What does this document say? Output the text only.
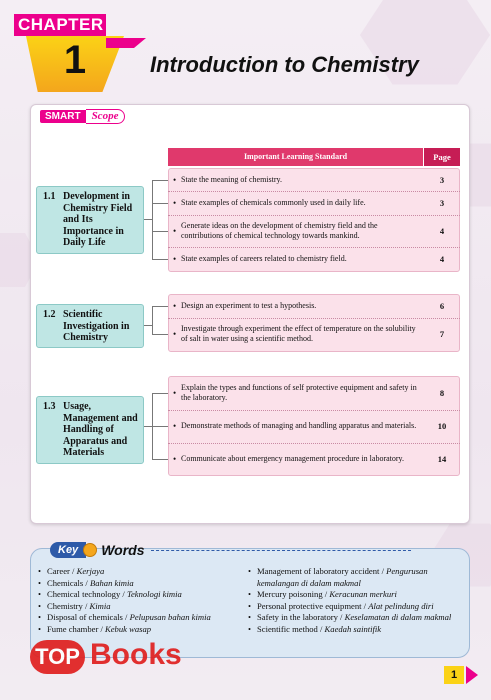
CHAPTER
1	Introduction to Chemistry
SMART	Scope
Important Learning Standard	Page
• State the meaning of chemistry.	3
• State examples of chemicals commonly used in daily life.	3
• Generate ideas on the development of chemistry field and the contributions of chemical technology towards mankind.	4
• State examples of careers related to chemistry field.	4
1.1 Development in Chemistry Field and Its Importance in Daily Life
• Design an experiment to test a hypothesis.	6
• Investigate through experiment the effect of temperature on the solubility of salt in water using a scientific method.	7
1.2 Scientific Investigation in Chemistry
• Explain the types and functions of self protective equipment and safety in the laboratory.	8
• Demonstrate methods of managing and handling apparatus and materials.	10
• Communicate about emergency management procedure in laboratory.	14
1.3 Usage, Management and Handling of Apparatus and Materials
Key	Words
• Career / Kerjaya
• Chemicals / Bahan kimia
• Chemical technology / Teknologi kimia
• Chemistry / Kimia
• Disposal of chemicals / Pelupusan bahan kimia
• Fume chamber / Kebuk wasap
• Management of laboratory accident / Pengurusan kemalangan di dalam makmal
• Mercury poisoning / Keracunan merkuri
• Personal protective equipment / Alat pelindung diri
• Safety in the laboratory / Keselamatan di dalam makmal
• Scientific method / Kaedah saintifik
TOP Books
1
